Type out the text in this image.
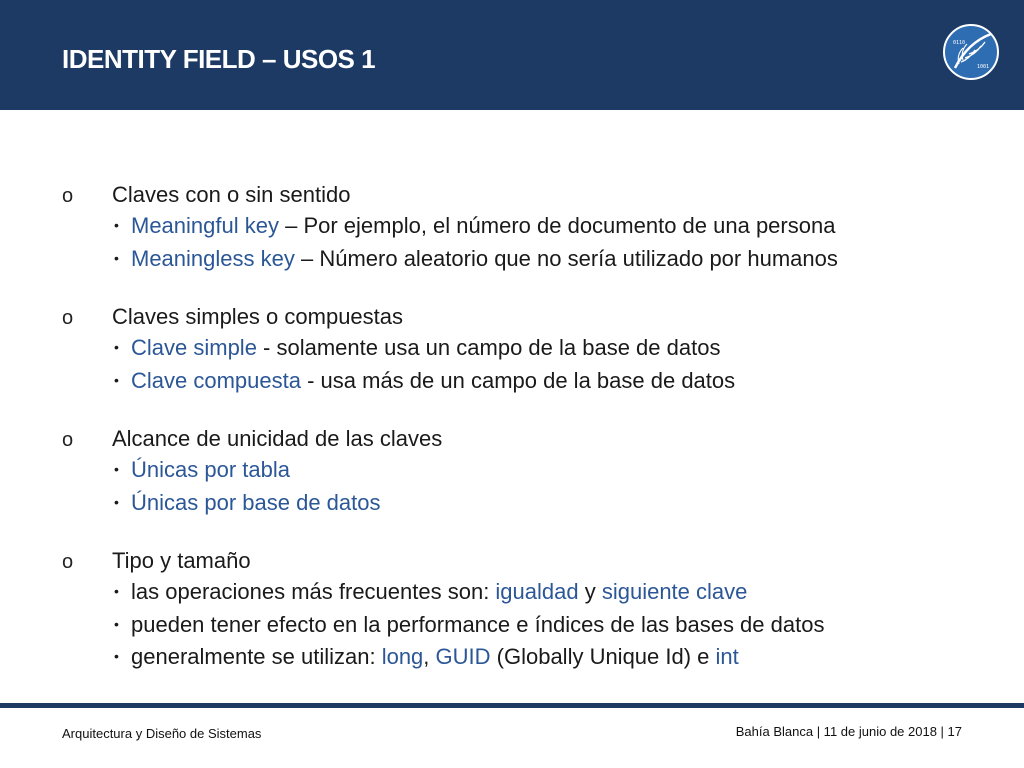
IDENTITY FIELD – USOS 1
0110
1001
o	Claves con o sin sentido
• Meaningful key – Por ejemplo, el número de documento de una persona
• Meaningless key – Número aleatorio que no sería utilizado por humanos
o	Claves simples o compuestas
• Clave simple - solamente usa un campo de la base de datos
• Clave compuesta - usa más de un campo de la base de datos
o	Alcance de unicidad de las claves
• Únicas por tabla
• Únicas por base de datos
o	Tipo y tamaño
• las operaciones más frecuentes son: igualdad y siguiente clave
• pueden tener efecto en la performance e índices de las bases de datos
• generalmente se utilizan: long, GUID (Globally Unique Id) e int
Arquitectura y Diseño de Sistemas	Bahía Blanca | 11 de junio de 2018 | 17
